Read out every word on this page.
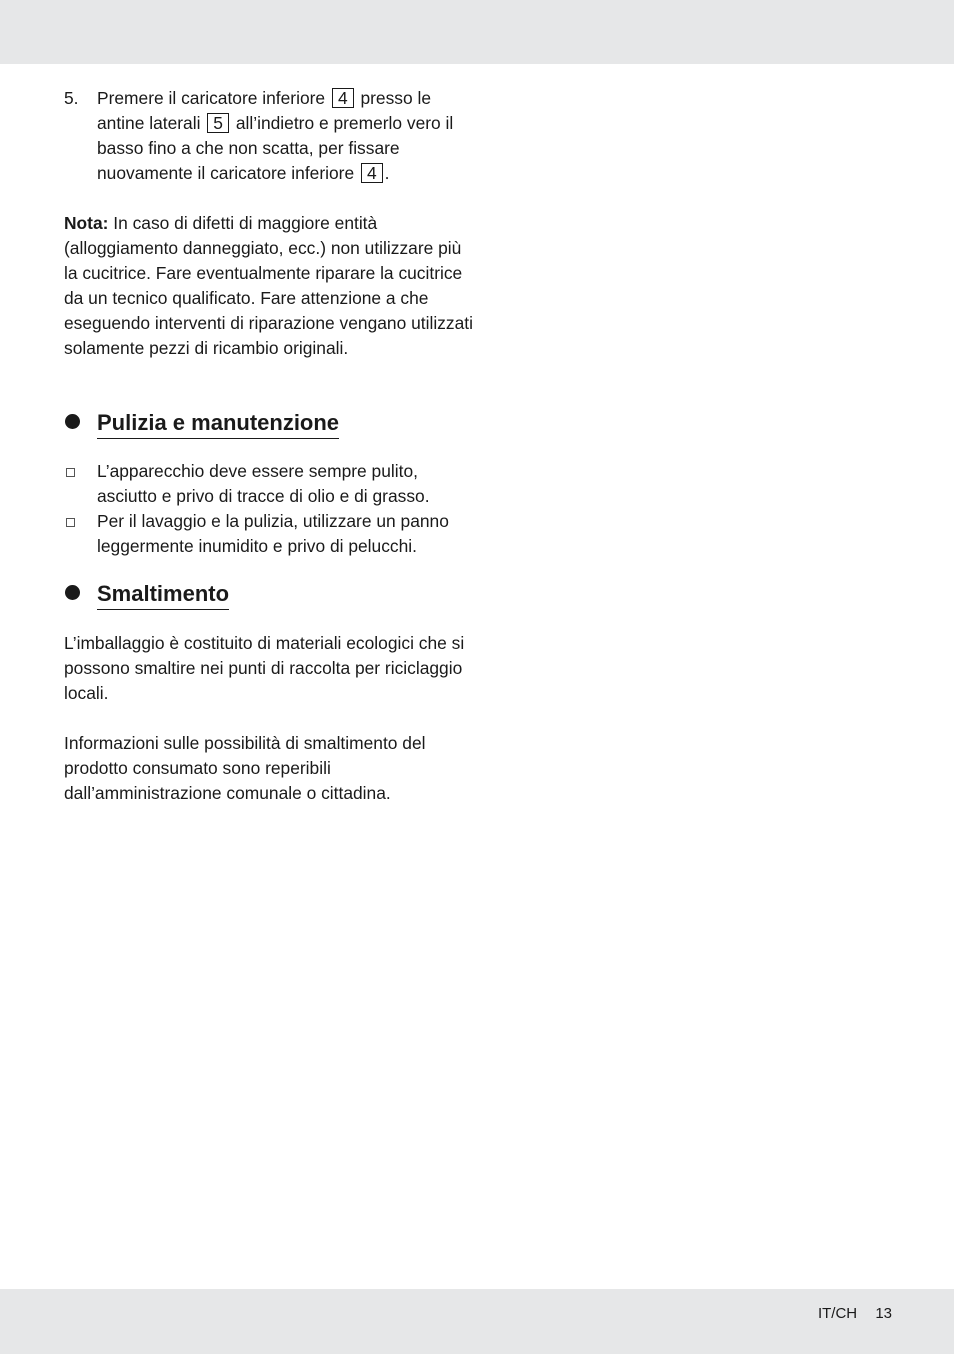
5. Premere il caricatore inferiore 4 presso le antine laterali 5 all’indietro e premerlo vero il basso fino a che non scatta, per fissare nuovamente il caricatore inferiore 4 .

Nota: In caso di difetti di maggiore entità (alloggiamento danneggiato, ecc.) non utilizzare più la cucitrice. Fare eventualmente riparare la cucitrice da un tecnico qualificato. Fare attenzione a che eseguendo interventi di riparazione vengano utilizzati solamente pezzi di ricambio originali.

Pulizia e manutenzione
L’apparecchio deve essere sempre pulito, asciutto e privo di tracce di olio e di grasso.
Per il lavaggio e la pulizia, utilizzare un panno leggermente inumidito e privo di pelucchi.
Smaltimento

L’imballaggio è costituito di materiali ecologici che si possono smaltire nei punti di raccolta per riciclaggio locali.

Informazioni sulle possibilità di smaltimento del prodotto consumato sono reperibili dall’amministrazione comunale o cittadina.

IT/CH 13
